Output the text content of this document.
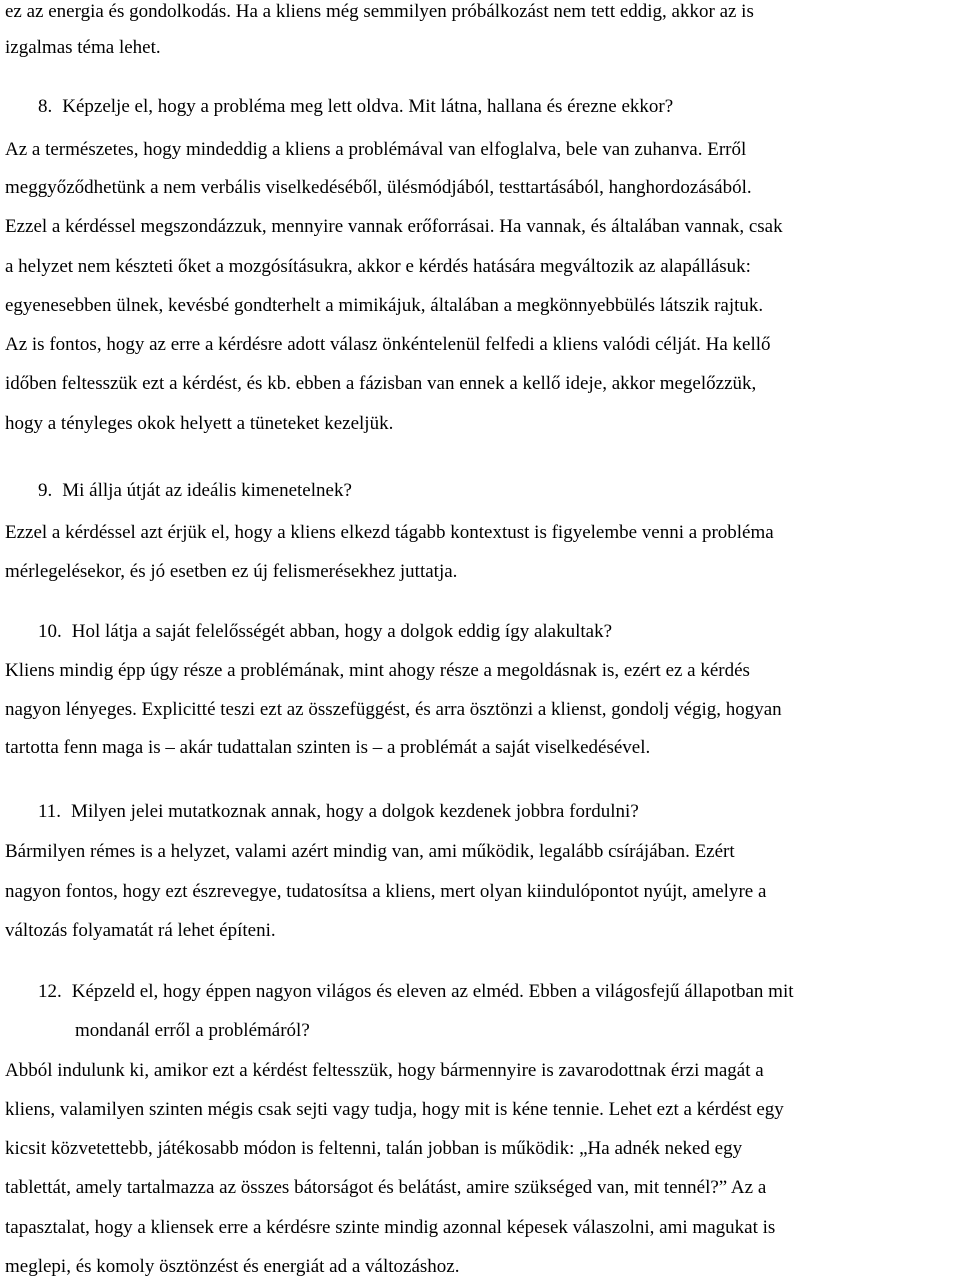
ez az energia és gondolkodás. Ha a kliens még semmilyen próbálkozást nem tett eddig, akkor az is
izgalmas téma lehet.
8. Képzelje el, hogy a probléma meg lett oldva. Mit látna, hallana és érezne ekkor?
Az a természetes, hogy mindeddig a kliens a problémával van elfoglalva, bele van zuhanva. Erről
meggyőződhetünk a nem verbális viselkedéséből, ülésmódjából, testtartásából, hanghordozásából.
Ezzel a kérdéssel megszondázzuk, mennyire vannak erőforrásai. Ha vannak, és általában vannak, csak
a helyzet nem készteti őket a mozgósításukra, akkor e kérdés hatására megváltozik az alapállásuk:
egyenesebben ülnek, kevésbé gondterhelt a mimikájuk, általában a megkönnyebbülés látszik rajtuk.
Az is fontos, hogy az erre a kérdésre adott válasz önkéntelenül felfedi a kliens valódi célját. Ha kellő
időben feltesszük ezt a kérdést, és kb. ebben a fázisban van ennek a kellő ideje, akkor megelőzzük,
hogy a tényleges okok helyett a tüneteket kezeljük.
9. Mi állja útját az ideális kimenetelnek?
Ezzel a kérdéssel azt érjük el, hogy a kliens elkezd tágabb kontextust is figyelembe venni a probléma
mérlegelésekor, és jó esetben ez új felismerésekhez juttatja.
10. Hol látja a saját felelősségét abban, hogy a dolgok eddig így alakultak?
Kliens mindig épp úgy része a problémának, mint ahogy része a megoldásnak is, ezért ez a kérdés
nagyon lényeges. Explicitté teszi ezt az összefüggést, és arra ösztönzi a klienst, gondolj végig, hogyan
tartotta fenn maga is – akár tudattalan szinten is – a problémát a saját viselkedésével.
11. Milyen jelei mutatkoznak annak, hogy a dolgok kezdenek jobbra fordulni?
Bármilyen rémes is a helyzet, valami azért mindig van, ami működik, legalább csírájában. Ezért
nagyon fontos, hogy ezt észrevegye, tudatosítsa a kliens, mert olyan kiindulópontot nyújt, amelyre a
változás folyamatát rá lehet építeni.
12. Képzeld el, hogy éppen nagyon világos és eleven az elméd. Ebben a világosfejű állapotban mit
mondanál erről a problémáról?
Abból indulunk ki, amikor ezt a kérdést feltesszük, hogy bármennyire is zavarodottnak érzi magát a
kliens, valamilyen szinten mégis csak sejti vagy tudja, hogy mit is kéne tennie. Lehet ezt a kérdést egy
kicsit közvetettebb, játékosabb módon is feltenni, talán jobban is működik: „Ha adnék neked egy
tablettát, amely tartalmazza az összes bátorságot és belátást, amire szükséged van, mit tennél?” Az a
tapasztalat, hogy a kliensek erre a kérdésre szinte mindig azonnal képesek válaszolni, ami magukat is
meglepi, és komoly ösztönzést és energiát ad a változáshoz.
